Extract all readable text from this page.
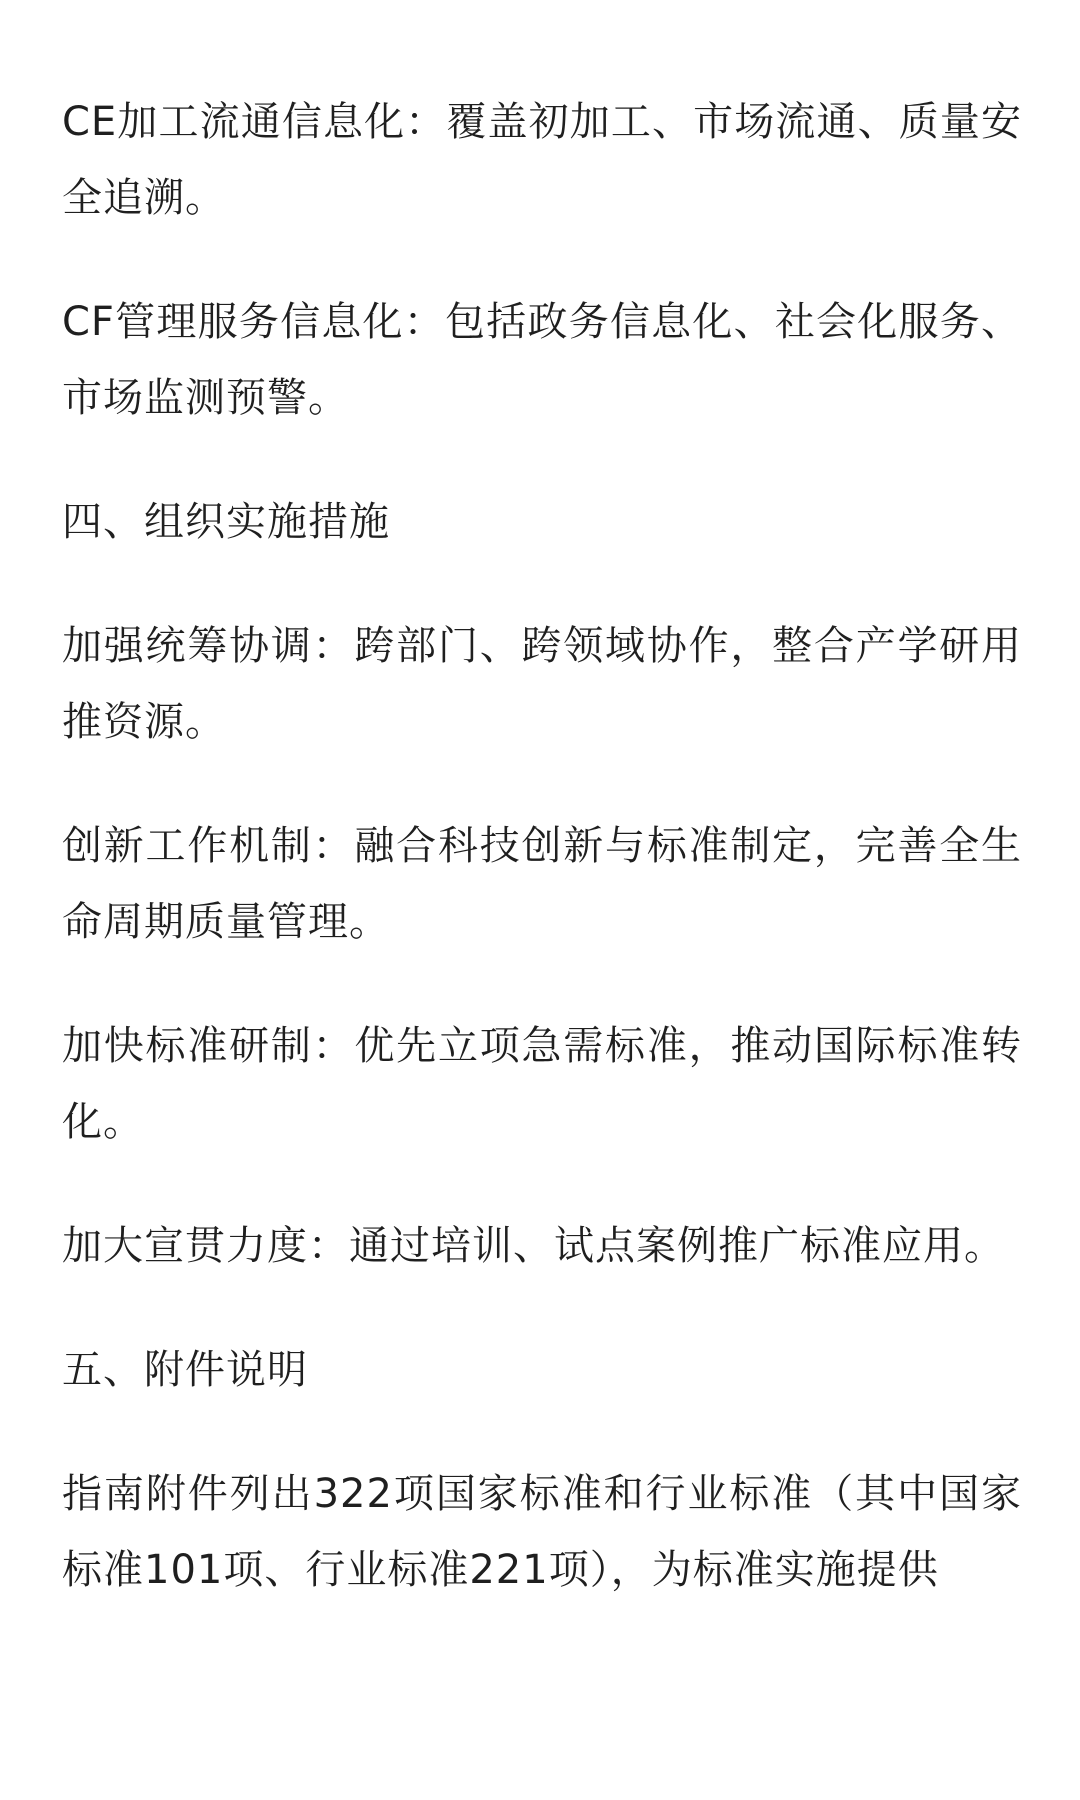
CE加工流通信息化：覆盖初加工、市场流通、质量安全追溯。

CF管理服务信息化：包括政务信息化、社会化服务、市场监测预警。

四、组织实施措施

加强统筹协调：跨部门、跨领域协作，整合产学研用推资源。

创新工作机制：融合科技创新与标准制定，完善全生命周期质量管理。

加快标准研制：优先立项急需标准，推动国际标准转化。

加大宣贯力度：通过培训、试点案例推广标准应用。

五、附件说明

指南附件列出322项国家标准和行业标准（其中国家标准101项、行业标准221项），为标准实施提供
